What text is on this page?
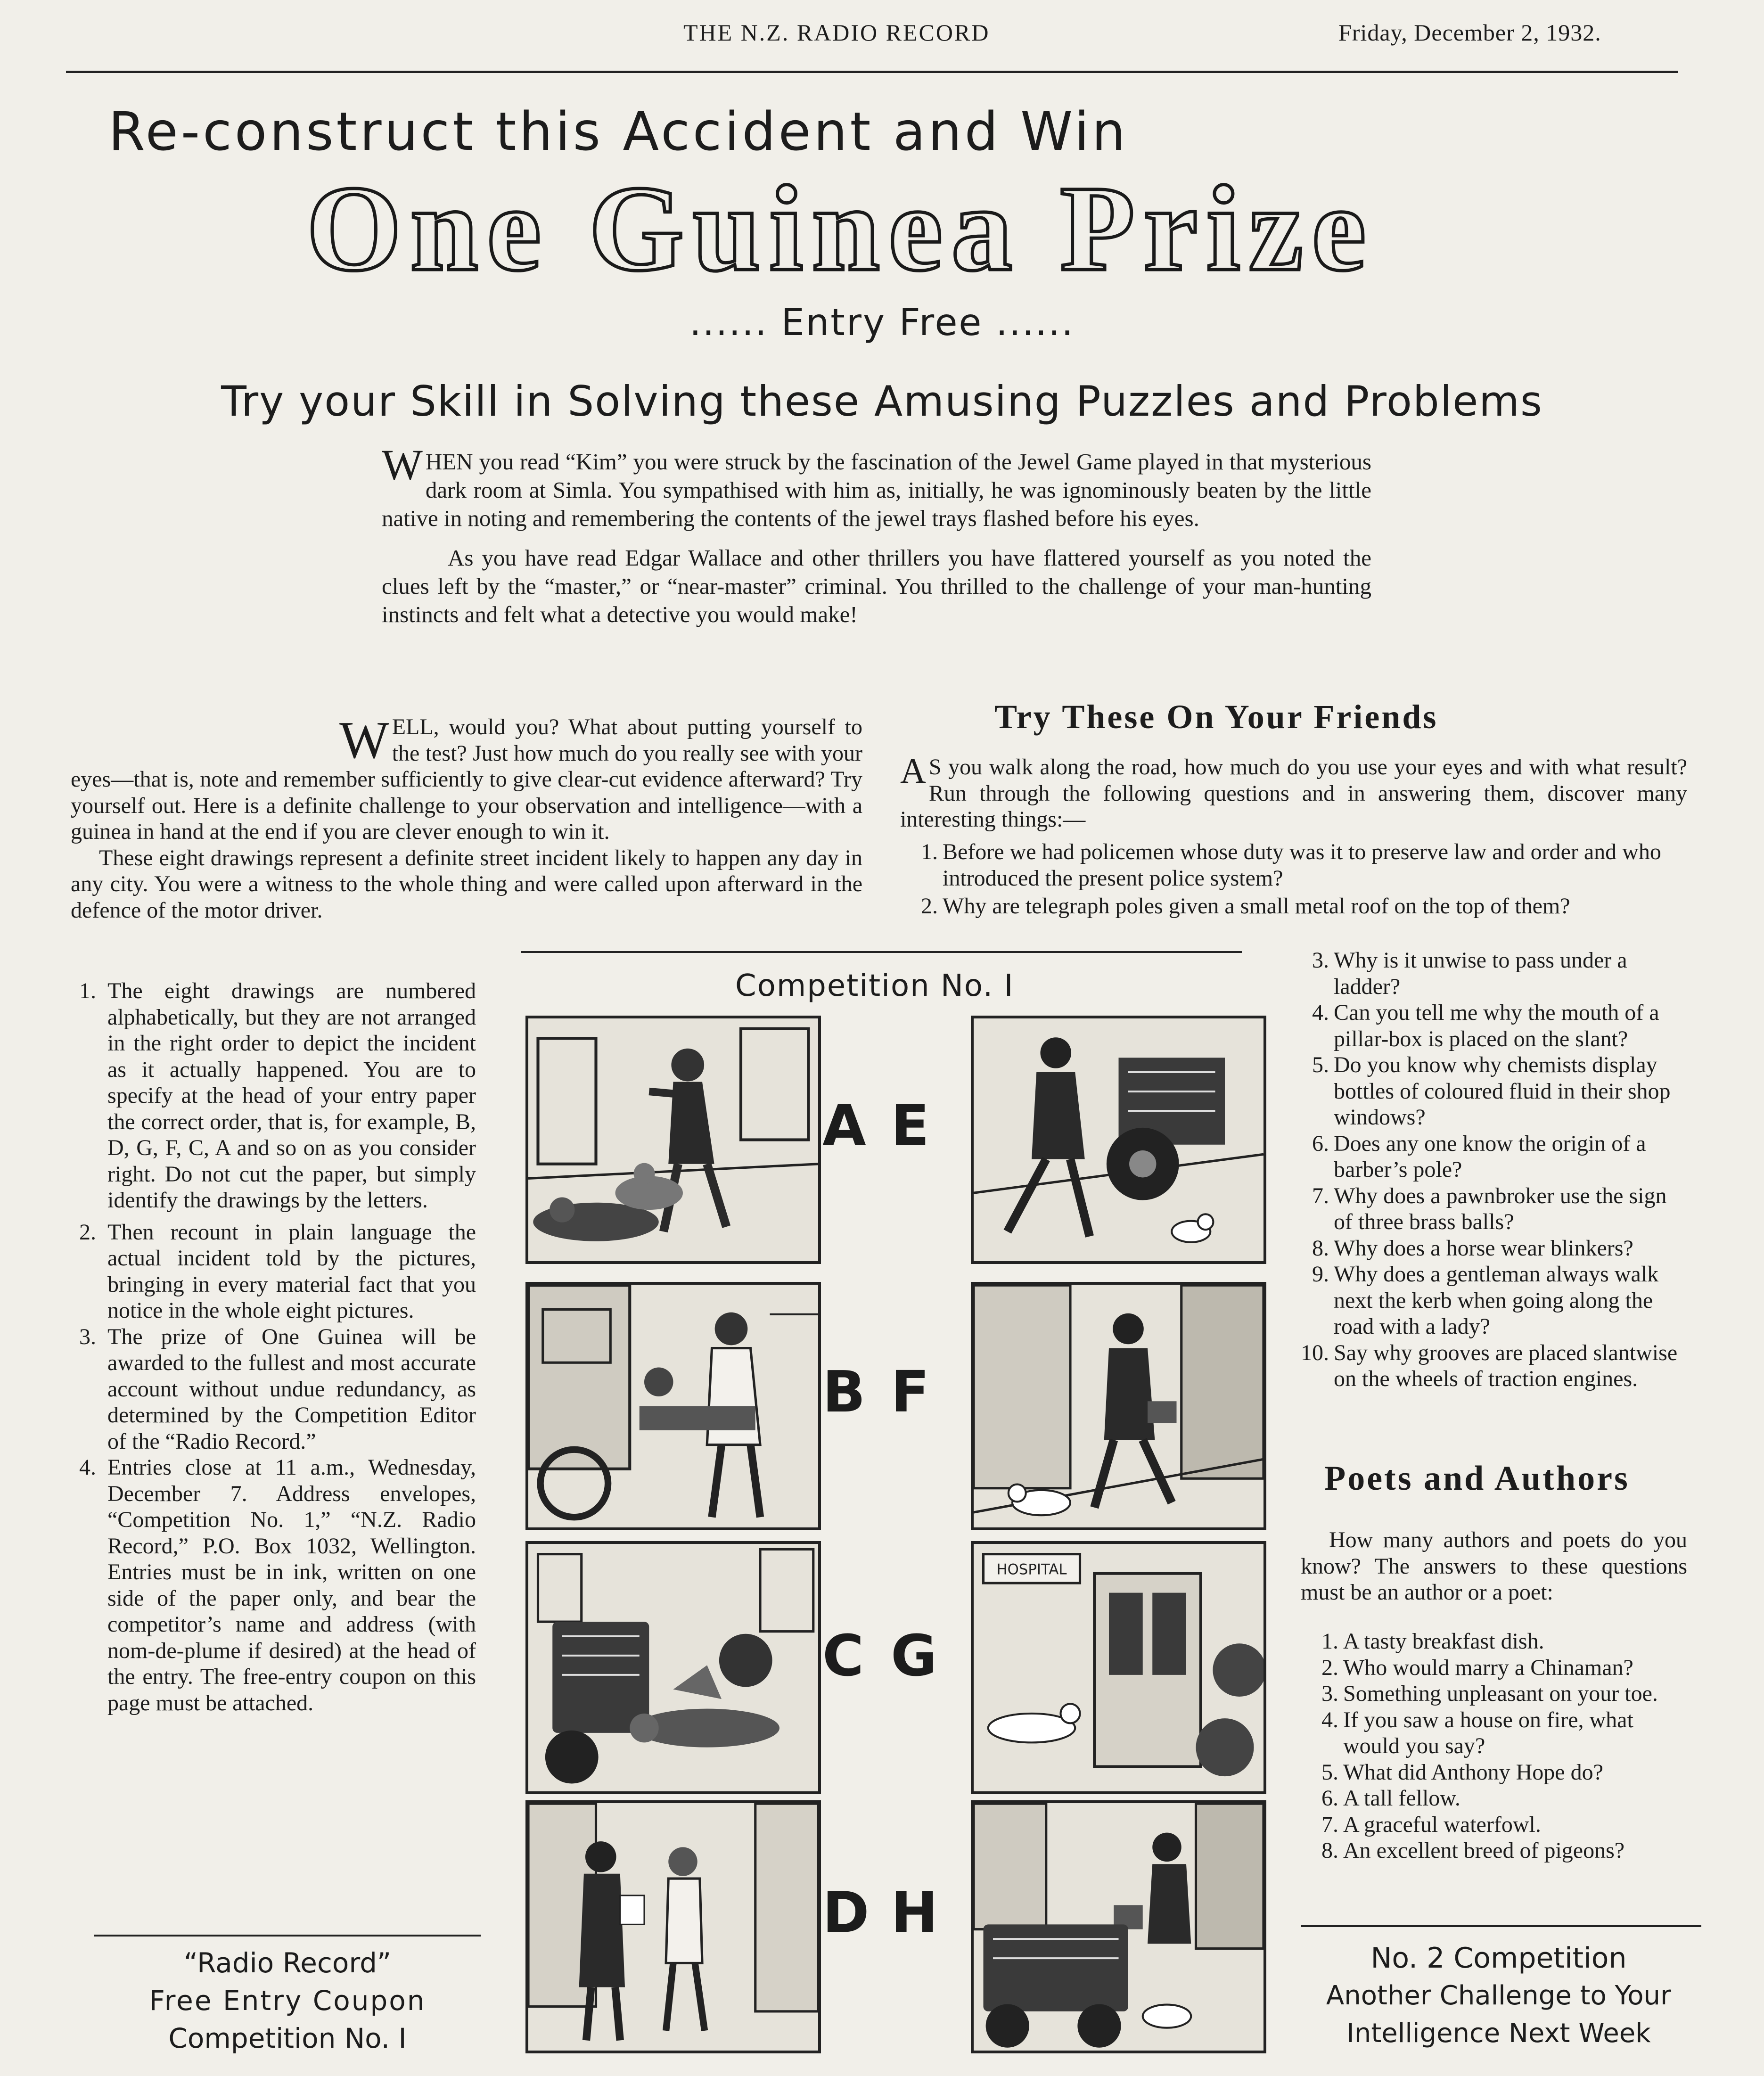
THE N.Z. RADIO RECORD	Friday, December 2, 1932.
Re-construct this Accident and Win
One Guinea Prize
...... Entry Free ......
Try your Skill in Solving these Amusing Puzzles and Problems

WHEN you read “Kim” you were struck by the fascination of the Jewel Game played in that mysterious dark room at Simla. You sympathised with him as, initially, he was ignominously beaten by the little native in noting and remembering the contents of the jewel trays flashed before his eyes.

As you have read Edgar Wallace and other thrillers you have flattered yourself as you noted the clues left by the “master,” or “near-master” criminal. You thrilled to the challenge of your man-hunting instincts and felt what a detective you would make!

WELL, would you? What about putting yourself to the test? Just how much do you really see with your eyes—that is, note and remember sufficiently to give clear-cut evidence afterward? Try yourself out. Here is a definite challenge to your observation and intelligence—with a guinea in hand at the end if you are clever enough to win it.

These eight drawings represent a definite street incident likely to happen any day in any city. You were a witness to the whole thing and were called upon afterward in the defence of the motor driver.

1. The eight drawings are numbered alphabetically, but they are not arranged in the right order to depict the incident as it actually happened. You are to specify at the head of your entry paper the correct order, that is, for example, B, D, G, F, C, A and so on as you consider right. Do not cut the paper, but simply identify the drawings by the letters.
2. Then recount in plain language the actual incident told by the pictures, bringing in every material fact that you notice in the whole eight pictures.
3. The prize of One Guinea will be awarded to the fullest and most accurate account without undue redundancy, as determined by the Competition Editor of the “Radio Record.”
4. Entries close at 11 a.m., Wednesday, December 7. Address envelopes, “Competition No. 1,” “N.Z. Radio Record,” P.O. Box 1032, Wellington. Entries must be in ink, written on one side of the paper only, and bear the competitor’s name and address (with nom-de-plume if desired) at the head of the entry. The free-entry coupon on this page must be attached.
“Radio Record”
Free Entry Coupon
Competition No. I
Competition No. I
A
B
C
D
E
F
HOSPITAL
G
H
Try These On Your Friends
A S you walk along the road, how much do you use your eyes and with what result? Run through the following questions and in answering them, discover many interesting things:—
1. Before we had policemen whose duty was it to preserve law and order and who introduced the present police system?
2. Why are telegraph poles given a small metal roof on the top of them?
3. Why is it unwise to pass under a ladder?
4. Can you tell me why the mouth of a pillar-box is placed on the slant?
5. Do you know why chemists display bottles of coloured fluid in their shop windows?
6. Does any one know the origin of a barber’s pole?
7. Why does a pawnbroker use the sign of three brass balls?
8. Why does a horse wear blinkers?
9. Why does a gentleman always walk next the kerb when going along the road with a lady?
10. Say why grooves are placed slantwise on the wheels of traction engines.
Poets and Authors
How many authors and poets do you know? The answers to these questions must be an author or a poet:
1. A tasty breakfast dish.
2. Who would marry a Chinaman?
3. Something unpleasant on your toe.
4. If you saw a house on fire, what would you say?
5. What did Anthony Hope do?
6. A tall fellow.
7. A graceful waterfowl.
8. An excellent breed of pigeons?
No. 2 Competition
Another Challenge to Your
Intelligence Next Week
